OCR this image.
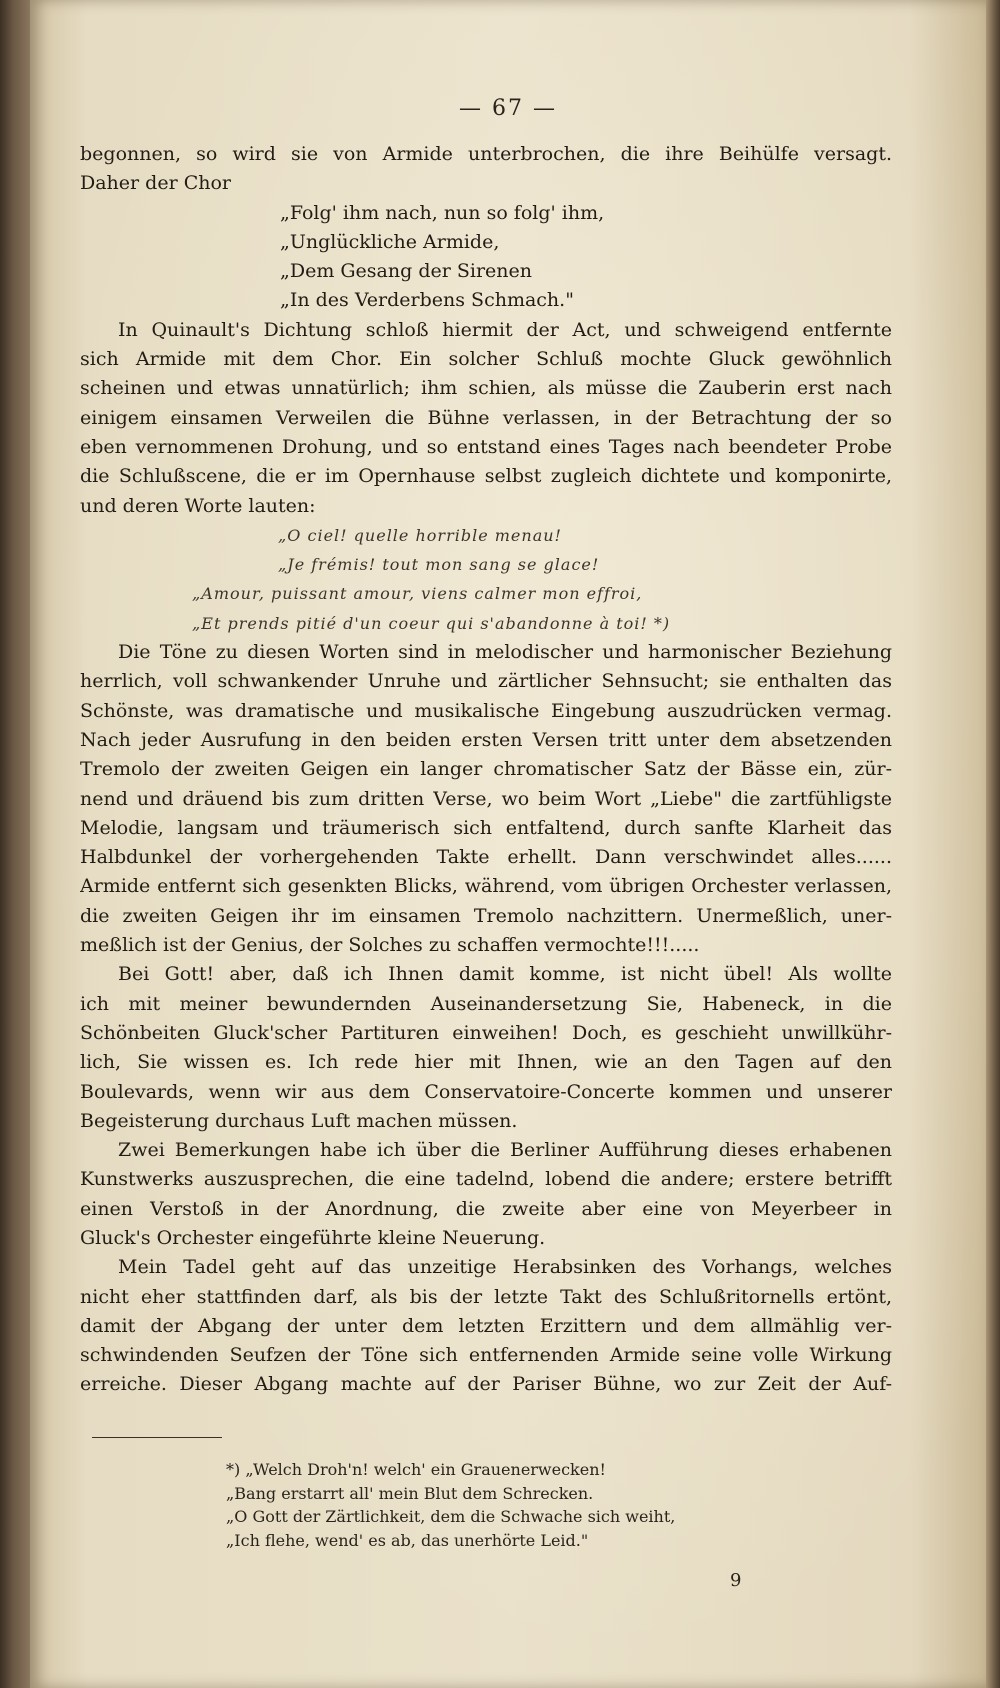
— 67 —
begonnen, so wird sie von Armide unterbrochen, die ihre Beihülfe versagt.
Daher der Chor
„Folg' ihm nach, nun so folg' ihm,
„Unglückliche Armide,
„Dem Gesang der Sirenen
„In des Verderbens Schmach."
In Quinault's Dichtung schloß hiermit der Act, und schweigend entfernte
sich Armide mit dem Chor. Ein solcher Schluß mochte Gluck gewöhnlich
scheinen und etwas unnatürlich; ihm schien, als müsse die Zauberin erst nach
einigem einsamen Verweilen die Bühne verlassen, in der Betrachtung der so
eben vernommenen Drohung, und so entstand eines Tages nach beendeter Probe
die Schlußscene, die er im Opernhause selbst zugleich dichtete und komponirte,
und deren Worte lauten:
„O ciel! quelle horrible menau!
„Je frémis! tout mon sang se glace!
„Amour, puissant amour, viens calmer mon effroi,
„Et prends pitié d'un coeur qui s'abandonne à toi! *)
Die Töne zu diesen Worten sind in melodischer und harmonischer Beziehung
herrlich, voll schwankender Unruhe und zärtlicher Sehnsucht; sie enthalten das
Schönste, was dramatische und musikalische Eingebung auszudrücken vermag.
Nach jeder Ausrufung in den beiden ersten Versen tritt unter dem absetzenden
Tremolo der zweiten Geigen ein langer chromatischer Satz der Bässe ein, zür-
nend und dräuend bis zum dritten Verse, wo beim Wort „Liebe" die zartfühligste
Melodie, langsam und träumerisch sich entfaltend, durch sanfte Klarheit das
Halbdunkel der vorhergehenden Takte erhellt. Dann verschwindet alles......
Armide entfernt sich gesenkten Blicks, während, vom übrigen Orchester verlassen,
die zweiten Geigen ihr im einsamen Tremolo nachzittern. Unermeßlich, uner-
meßlich ist der Genius, der Solches zu schaffen vermochte!!!.....
Bei Gott! aber, daß ich Ihnen damit komme, ist nicht übel! Als wollte
ich mit meiner bewundernden Auseinandersetzung Sie, Habeneck, in die
Schönbeiten Gluck'scher Partituren einweihen! Doch, es geschieht unwillkühr-
lich, Sie wissen es. Ich rede hier mit Ihnen, wie an den Tagen auf den
Boulevards, wenn wir aus dem Conservatoire-Concerte kommen und unserer
Begeisterung durchaus Luft machen müssen.
Zwei Bemerkungen habe ich über die Berliner Aufführung dieses erhabenen
Kunstwerks auszusprechen, die eine tadelnd, lobend die andere; erstere betrifft
einen Verstoß in der Anordnung, die zweite aber eine von Meyerbeer in
Gluck's Orchester eingeführte kleine Neuerung.
Mein Tadel geht auf das unzeitige Herabsinken des Vorhangs, welches
nicht eher stattfinden darf, als bis der letzte Takt des Schlußritornells ertönt,
damit der Abgang der unter dem letzten Erzittern und dem allmählig ver-
schwindenden Seufzen der Töne sich entfernenden Armide seine volle Wirkung
erreiche. Dieser Abgang machte auf der Pariser Bühne, wo zur Zeit der Auf-
*) „Welch Droh'n! welch' ein Grauenerwecken!
„Bang erstarrt all' mein Blut dem Schrecken.
„O Gott der Zärtlichkeit, dem die Schwache sich weiht,
„Ich flehe, wend' es ab, das unerhörte Leid."
9
